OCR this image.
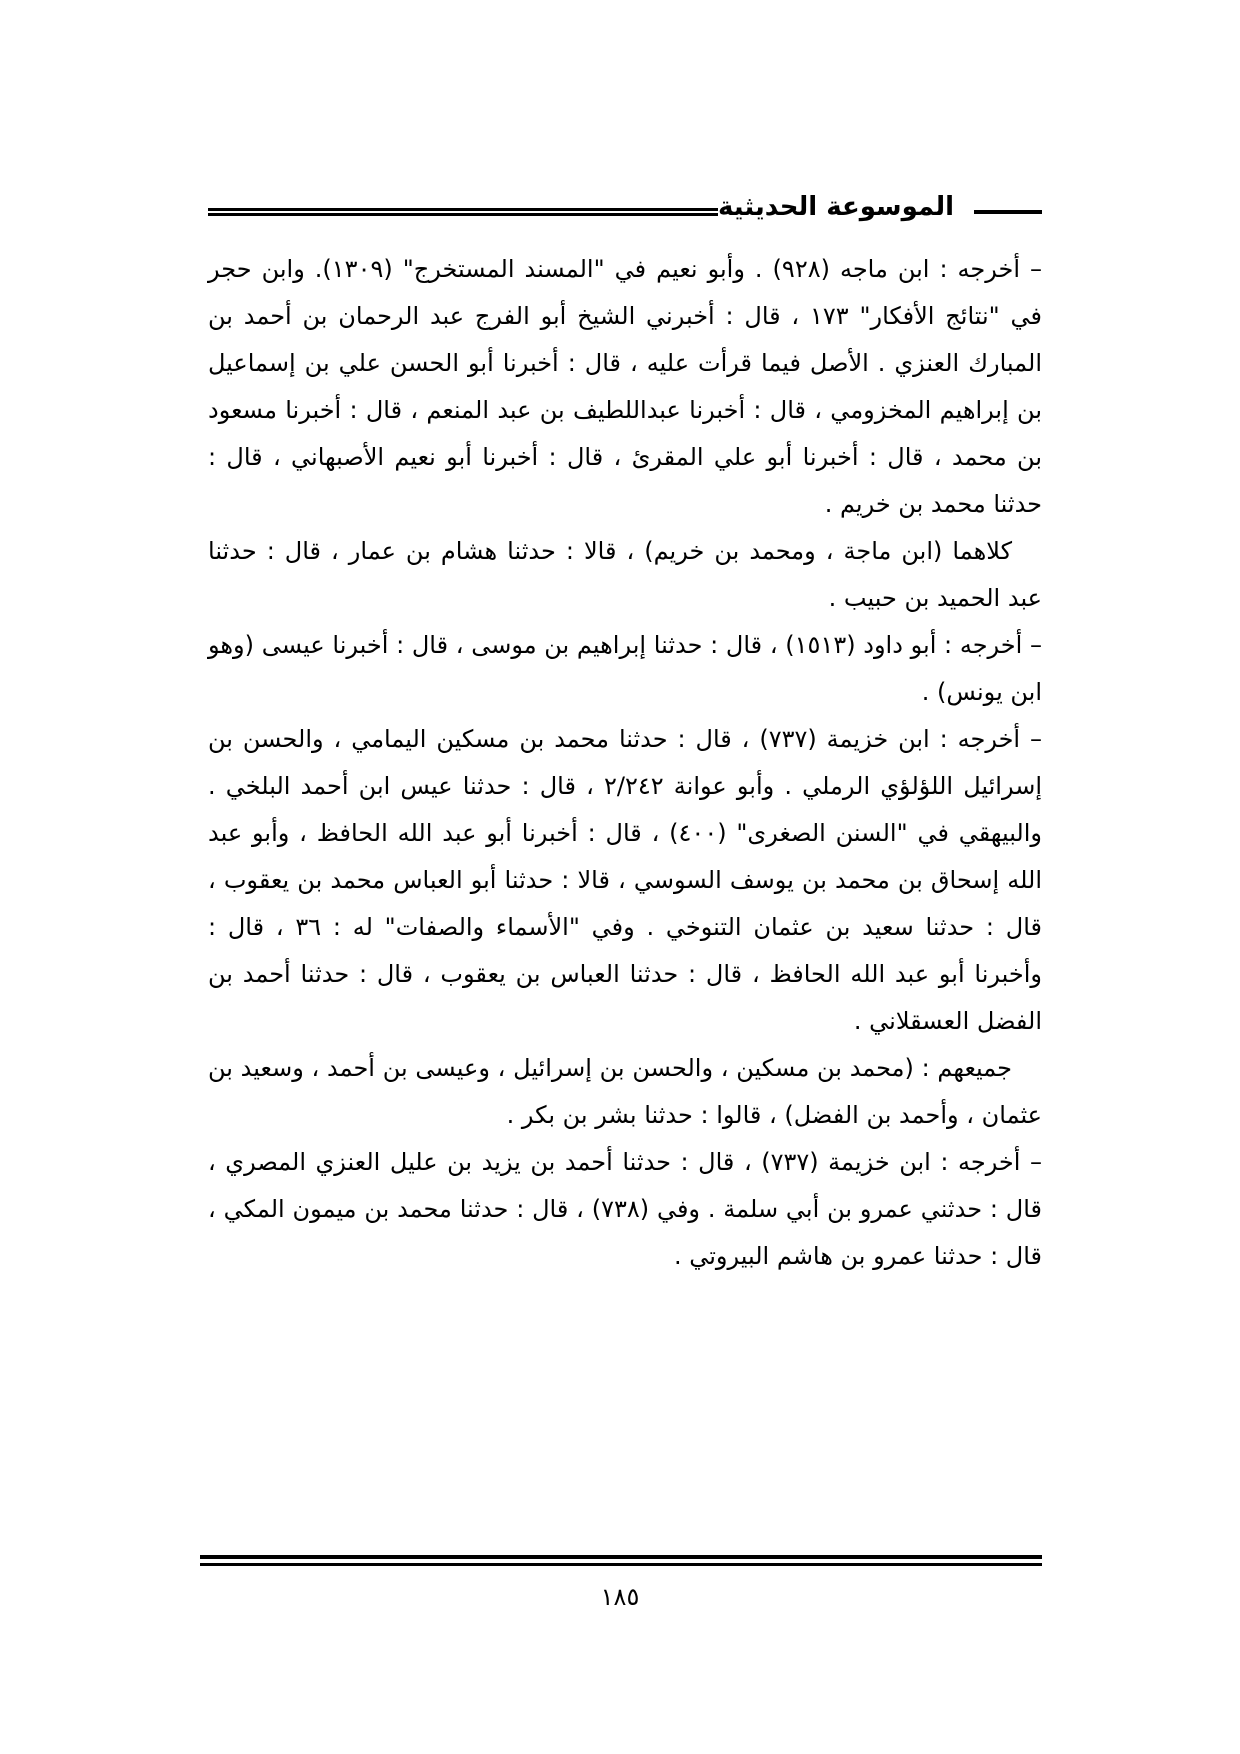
الموسوعة الحديثية

– أخرجه : ابن ماجه (٩٢٨) . وأبو نعيم في "المسند المستخرج" (١٣٠٩). وابن حجر في "نتائج الأفكار" ١٧٣ ، قال : أخبرني الشيخ أبو الفرج عبد الرحمان بن أحمد بن المبارك العنزي . الأصل فيما قرأت عليه ، قال : أخبرنا أبو الحسن علي بن إسماعيل بن إبراهيم المخزومي ، قال : أخبرنا عبداللطيف بن عبد المنعم ، قال : أخبرنا مسعود بن محمد ، قال : أخبرنا أبو علي المقرئ ، قال : أخبرنا أبو نعيم الأصبهاني ، قال : حدثنا محمد بن خريم .

كلاهما (ابن ماجة ، ومحمد بن خريم) ، قالا : حدثنا هشام بن عمار ، قال : حدثنا عبد الحميد بن حبيب .

– أخرجه : أبو داود (١٥١٣) ، قال : حدثنا إبراهيم بن موسى ، قال : أخبرنا عيسى (وهو ابن يونس) .

– أخرجه : ابن خزيمة (٧٣٧) ، قال : حدثنا محمد بن مسكين اليمامي ، والحسن بن إسرائيل اللؤلؤي الرملي . وأبو عوانة ٢/٢٤٢ ، قال : حدثنا عيس ابن أحمد البلخي . والبيهقي في "السنن الصغرى" (٤٠٠) ، قال : أخبرنا أبو عبد الله الحافظ ، وأبو عبد الله إسحاق بن محمد بن يوسف السوسي ، قالا : حدثنا أبو العباس محمد بن يعقوب ، قال : حدثنا سعيد بن عثمان التنوخي . وفي "الأسماء والصفات" له : ٣٦ ، قال : وأخبرنا أبو عبد الله الحافظ ، قال : حدثنا العباس بن يعقوب ، قال : حدثنا أحمد بن الفضل العسقلاني .

جميعهم : (محمد بن مسكين ، والحسن بن إسرائيل ، وعيسى بن أحمد ، وسعيد بن عثمان ، وأحمد بن الفضل) ، قالوا : حدثنا بشر بن بكر .

– أخرجه : ابن خزيمة (٧٣٧) ، قال : حدثنا أحمد بن يزيد بن عليل العنزي المصري ، قال : حدثني عمرو بن أبي سلمة . وفي (٧٣٨) ، قال : حدثنا محمد بن ميمون المكي ، قال : حدثنا عمرو بن هاشم البيروتي .

١٨٥
